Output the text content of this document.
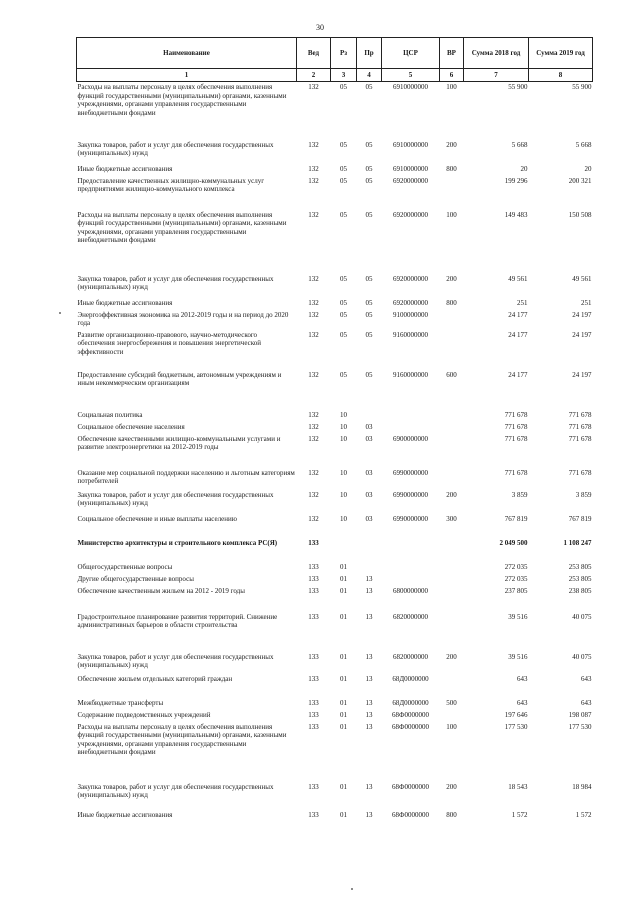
30
Наименование	Вед	Рз	Пр	ЦСР	ВР	Сумма 2018 год	Сумма 2019 год
1	2	3	4	5	6	7	8
Расходы на выплаты персоналу в целях обеспечения выполнения функций государственными (муниципальными) органами, казенными учреждениями, органами управления государственными внебюджетными фондами	132	05	05	6910000000	100	55 900	55 900
Закупка товаров, работ и услуг для обеспечения государственных (муниципальных) нужд	132	05	05	6910000000	200	5 668	5 668
Иные бюджетные ассигнования	132	05	05	6910000000	800	20	20
Предоставление качественных жилищно-коммунальных услуг предприятиями жилищно-коммунального комплекса	132	05	05	6920000000		199 296	200 321
Расходы на выплаты персоналу в целях обеспечения выполнения функций государственными (муниципальными) органами, казенными учреждениями, органами управления государственными внебюджетными фондами	132	05	05	6920000000	100	149 483	150 508
Закупка товаров, работ и услуг для обеспечения государственных (муниципальных) нужд	132	05	05	6920000000	200	49 561	49 561
Иные бюджетные ассигнования	132	05	05	6920000000	800	251	251
Энергоэффективная экономика на 2012-2019 годы и на период до 2020 года	132	05	05	9100000000		24 177	24 197
Развитие организационно-правового, научно-методического обеспечения энергосбережения и повышения энергетической эффективности	132	05	05	9160000000		24 177	24 197
Предоставление субсидий бюджетным, автономным учреждениям и иным некоммерческим организациям	132	05	05	9160000000	600	24 177	24 197
Социальная политика	132	10				771 678	771 678
Социальное обеспечение населения	132	10	03			771 678	771 678
Обеспечение качественными жилищно-коммунальными услугами и развитие электроэнергетики на 2012-2019 годы	132	10	03	6900000000		771 678	771 678
Оказание мер социальной поддержки населению и льготным категориям потребителей	132	10	03	6990000000		771 678	771 678
Закупка товаров, работ и услуг для обеспечения государственных (муниципальных) нужд	132	10	03	6990000000	200	3 859	3 859
Социальное обеспечение и иные выплаты населению	132	10	03	6990000000	300	767 819	767 819
Министерство архитектуры и строительного комплекса РС(Я)	133					2 049 500	1 108 247
Общегосударственные вопросы	133	01				272 035	253 805
Другие общегосударственные вопросы	133	01	13			272 035	253 805
Обеспечение качественным жильем на 2012 - 2019 годы	133	01	13	6800000000		237 805	238 805
Градостроительное планирование развития территорий. Снижение административных барьеров в области строительства	133	01	13	6820000000		39 516	40 075
Закупка товаров, работ и услуг для обеспечения государственных (муниципальных) нужд	133	01	13	6820000000	200	39 516	40 075
Обеспечение жильем отдельных категорий граждан	133	01	13	68Д0000000		643	643
Межбюджетные трансферты	133	01	13	68Д0000000	500	643	643
Содержание подведомственных учреждений	133	01	13	68Ф0000000		197 646	198 087
Расходы на выплаты персоналу в целях обеспечения выполнения функций государственными (муниципальными) органами, казенными учреждениями, органами управления государственными внебюджетными фондами	133	01	13	68Ф0000000	100	177 530	177 530
Закупка товаров, работ и услуг для обеспечения государственных (муниципальных) нужд	133	01	13	68Ф0000000	200	18 543	18 984
Иные бюджетные ассигнования	133	01	13	68Ф0000000	800	1 572	1 572
